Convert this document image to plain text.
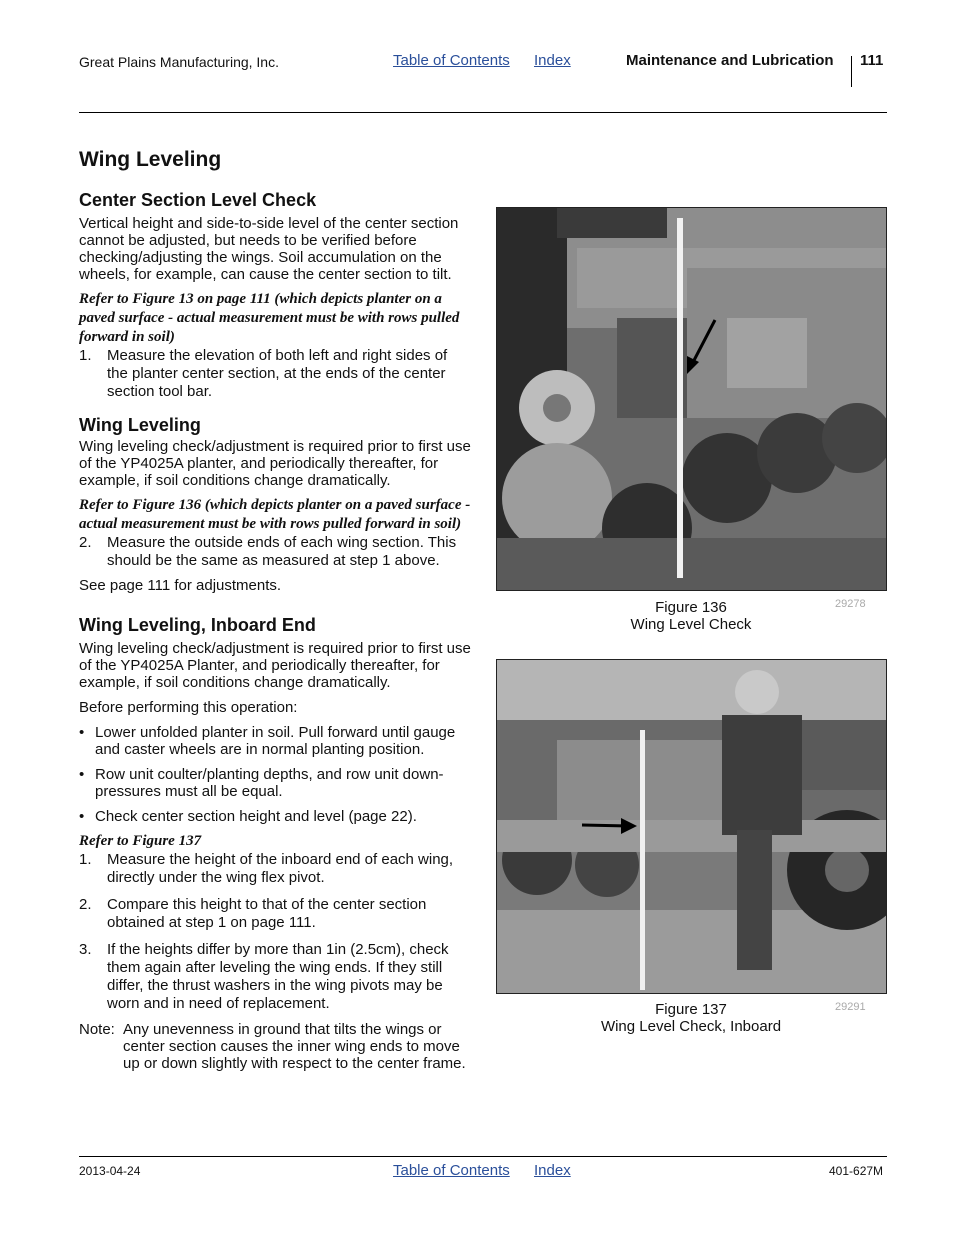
Great Plains Manufacturing, Inc.	Table of Contents Index	Maintenance and Lubrication 111
Wing Leveling
Center Section Level Check

Vertical height and side-to-side level of the center section cannot be adjusted, but needs to be verified before checking/adjusting the wings. Soil accumulation on the wheels, for example, can cause the center section to tilt.

Refer to Figure 13 on page 111 (which depicts planter on a paved surface - actual measurement must be with rows pulled forward in soil)
1.	Measure the elevation of both left and right sides of the planter center section, at the ends of the center section tool bar.
Wing Leveling

Wing leveling check/adjustment is required prior to first use of the YP4025A planter, and periodically thereafter, for example, if soil conditions change dramatically.

Refer to Figure 136 (which depicts planter on a paved surface - actual measurement must be with rows pulled forward in soil)
2.	Measure the outside ends of each wing section. This should be the same as measured at step 1 above.

See page 111 for adjustments.

Wing Leveling, Inboard End

Wing leveling check/adjustment is required prior to first use of the YP4025A Planter, and periodically thereafter, for example, if soil conditions change dramatically.

Before performing this operation:

• Lower unfolded planter in soil. Pull forward until gauge and caster wheels are in normal planting position.
• Row unit coulter/planting depths, and row unit down-pressures must all be equal.
• Check center section height and level (page 22).
Refer to Figure 137
1.	Measure the height of the inboard end of each wing, directly under the wing flex pivot.
2.	Compare this height to that of the center section obtained at step 1 on page 111.
3.	If the heights differ by more than 1in (2.5cm), check them again after leveling the wing ends. If they still differ, the thrust washers in the wing pivots may be worn and in need of replacement.
Note: Any unevenness in ground that tilts the wings or center section causes the inner wing ends to move up or down slightly with respect to the center frame.
Figure 136
Wing Level Check
29278
Figure 137
Wing Level Check, Inboard
29291
2013-04-24	Table of Contents Index	401-627M
